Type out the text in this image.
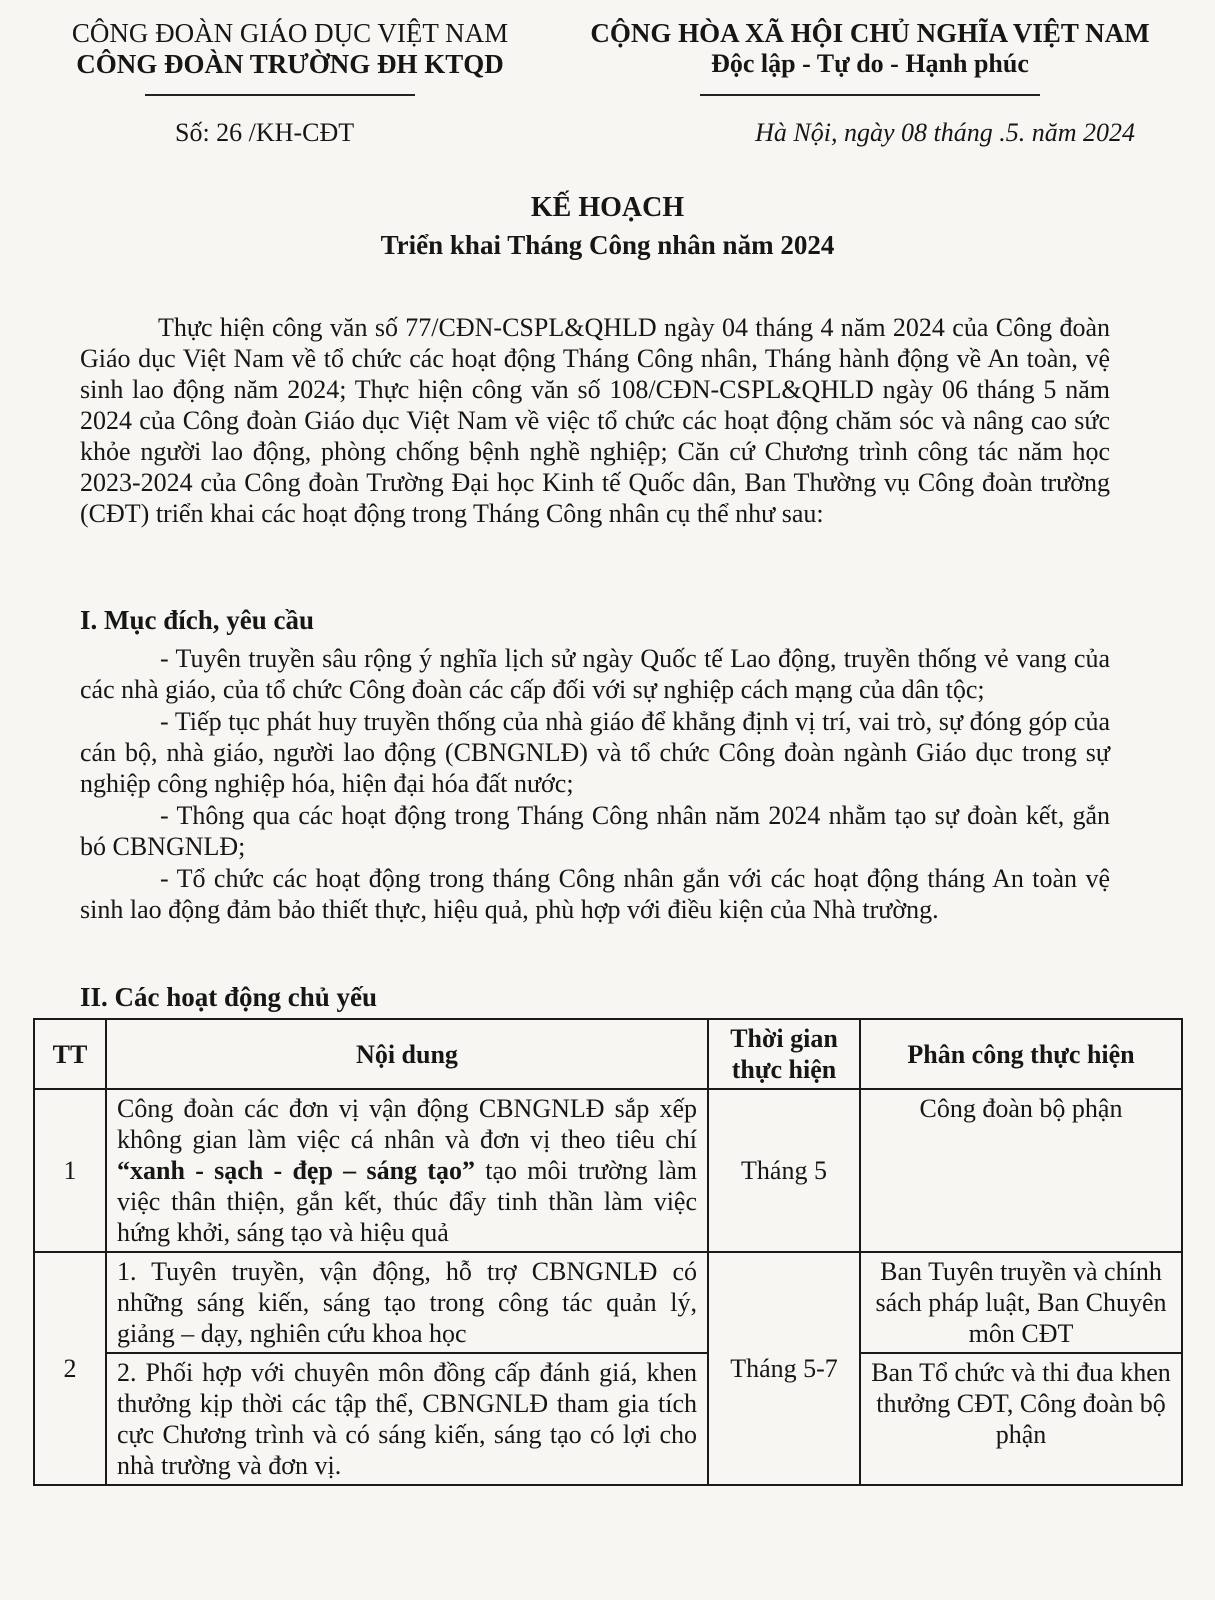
CÔNG ĐOÀN GIÁO DỤC VIỆT NAM
CÔNG ĐOÀN TRƯỜNG ĐH KTQD
CỘNG HÒA XÃ HỘI CHỦ NGHĨA VIỆT NAM
Độc lập - Tự do - Hạnh phúc
Số: 26 /KH-CĐT	Hà Nội, ngày 08 tháng .5. năm 2024
KẾ HOẠCH
Triển khai Tháng Công nhân năm 2024
Thực hiện công văn số 77/CĐN-CSPL&QHLD ngày 04 tháng 4 năm 2024 của Công đoàn Giáo dục Việt Nam về tổ chức các hoạt động Tháng Công nhân, Tháng hành động về An toàn, vệ sinh lao động năm 2024; Thực hiện công văn số 108/CĐN-CSPL&QHLD ngày 06 tháng 5 năm 2024 của Công đoàn Giáo dục Việt Nam về việc tổ chức các hoạt động chăm sóc và nâng cao sức khỏe người lao động, phòng chống bệnh nghề nghiệp; Căn cứ Chương trình công tác năm học 2023-2024 của Công đoàn Trường Đại học Kinh tế Quốc dân, Ban Thường vụ Công đoàn trường (CĐT) triển khai các hoạt động trong Tháng Công nhân cụ thể như sau:
I. Mục đích, yêu cầu

- Tuyên truyền sâu rộng ý nghĩa lịch sử ngày Quốc tế Lao động, truyền thống vẻ vang của các nhà giáo, của tổ chức Công đoàn các cấp đối với sự nghiệp cách mạng của dân tộc;

- Tiếp tục phát huy truyền thống của nhà giáo để khẳng định vị trí, vai trò, sự đóng góp của cán bộ, nhà giáo, người lao động (CBNGNLĐ) và tổ chức Công đoàn ngành Giáo dục trong sự nghiệp công nghiệp hóa, hiện đại hóa đất nước;

- Thông qua các hoạt động trong Tháng Công nhân năm 2024 nhằm tạo sự đoàn kết, gắn bó CBNGNLĐ;

- Tổ chức các hoạt động trong tháng Công nhân gắn với các hoạt động tháng An toàn vệ sinh lao động đảm bảo thiết thực, hiệu quả, phù hợp với điều kiện của Nhà trường.

II. Các hoạt động chủ yếu
TT	Nội dung	Thời gian thực hiện	Phân công thực hiện
1	Công đoàn các đơn vị vận động CBNGNLĐ sắp xếp không gian làm việc cá nhân và đơn vị theo tiêu chí “xanh - sạch - đẹp – sáng tạo” tạo môi trường làm việc thân thiện, gắn kết, thúc đẩy tinh thần làm việc hứng khởi, sáng tạo và hiệu quả	Tháng 5	Công đoàn bộ phận
2	1. Tuyên truyền, vận động, hỗ trợ CBNGNLĐ có những sáng kiến, sáng tạo trong công tác quản lý, giảng – dạy, nghiên cứu khoa học	Tháng 5-7	Ban Tuyên truyền và chính sách pháp luật, Ban Chuyên môn CĐT
	2. Phối hợp với chuyên môn đồng cấp đánh giá, khen thưởng kịp thời các tập thể, CBNGNLĐ tham gia tích cực Chương trình và có sáng kiến, sáng tạo có lợi cho nhà trường và đơn vị.		Ban Tổ chức và thi đua khen thưởng CĐT, Công đoàn bộ phận
